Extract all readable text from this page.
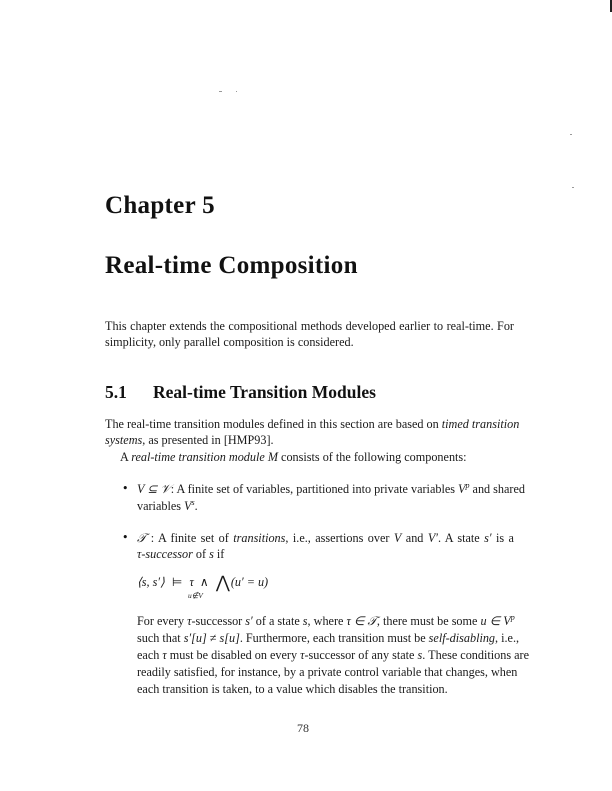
Chapter 5
Real-time Composition
This chapter extends the compositional methods developed earlier to real-time. For
simplicity, only parallel composition is considered.
5.1 Real-time Transition Modules
The real-time transition modules defined in this section are based on timed transition
systems, as presented in [HMP93].
A real-time transition module M consists of the following components:
• V ⊆ 𝒱: A finite set of variables, partitioned into private variables $V^p$ and shared
variables $V^s$.
• 𝒯 : A finite set of transitions, i.e., assertions over V and V′. A state s′ is a
τ-successor of s if
⟨s, s′⟩ ⊨ τ ∧ ⋀(u′ = u)
u∉V
For every τ-successor s′ of a state s, where τ ∈ 𝒯, there must be some u ∈ $V^p$
such that s′[u] ≠ s[u]. Furthermore, each transition must be self-disabling, i.e.,
each τ must be disabled on every τ-successor of any state s. These conditions are
readily satisfied, for instance, by a private control variable that changes, when
each transition is taken, to a value which disables the transition.
78
